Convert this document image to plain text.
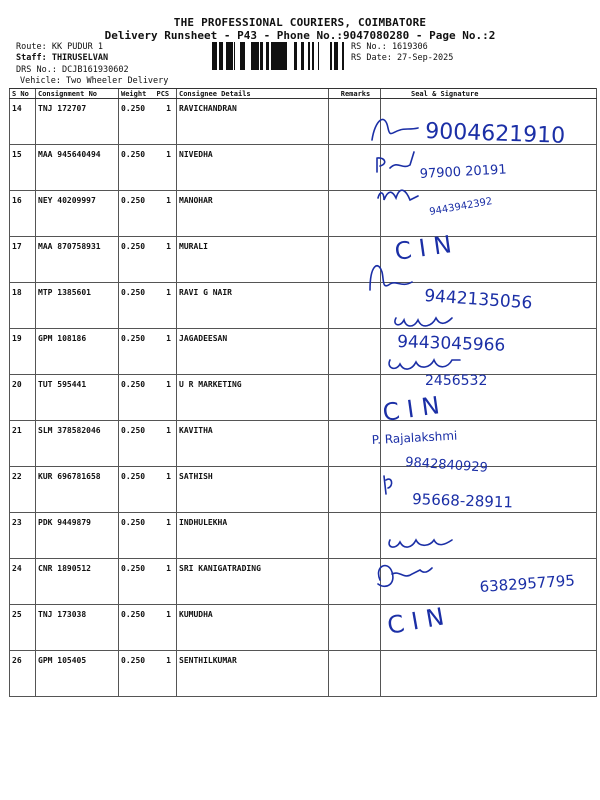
THE PROFESSIONAL COURIERS, COIMBATORE
Delivery Runsheet - P43 - Phone No.:9047080280 - Page No.:2
Route: KK PUDUR 1
Staff: THIRUSELVAN
DRS No.: DCJB161930602
Vehicle: Two Wheeler Delivery
RS No.: 1619306
RS Date: 27-Sep-2025
S No	Consignment No	Weight	PCS	Consignee Details	Remarks	Seal & Signature
14	TNJ 172707	0.250	1	RAVICHANDRAN		
15	MAA 945640494	0.250	1	NIVEDHA		
16	NEY 40209997	0.250	1	MANOHAR		
17	MAA 870758931	0.250	1	MURALI		
18	MTP 1385601	0.250	1	RAVI G NAIR		
19	GPM 108186	0.250	1	JAGADEESAN		
20	TUT 595441	0.250	1	U R MARKETING		
21	SLM 378582046	0.250	1	KAVITHA		
22	KUR 696781658	0.250	1	SATHISH		
23	PDK 9449879	0.250	1	INDHULEKHA		
24	CNR 1890512	0.250	1	SRI KANIGATRADING		
25	TNJ 173038	0.250	1	KUMUDHA		
26	GPM 105405	0.250	1	SENTHILKUMAR		
9004621910
97900 20191
9443942392
C I N
9442135056
9443045966
2456532
C I N
P. Rajalakshmi
9842840929
95668-28911
6382957795
C I N
